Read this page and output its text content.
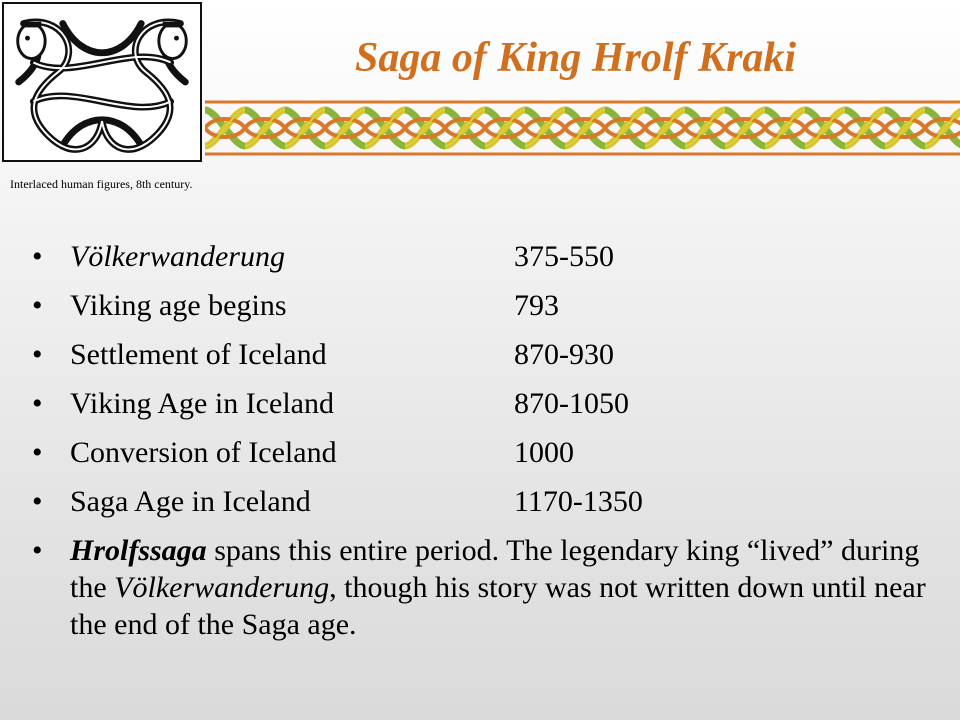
Saga of King Hrolf Kraki
Interlaced human figures, 8th century.
• Völkerwanderung	375-550
• Viking age begins	793
• Settlement of Iceland	870-930
• Viking Age in Iceland	870-1050
• Conversion of Iceland	1000
• Saga Age in Iceland	1170-1350
• Hrolfssaga spans this entire period. The legendary king “lived” during the Völkerwanderung, though his story was not written down until near the end of the Saga age.
